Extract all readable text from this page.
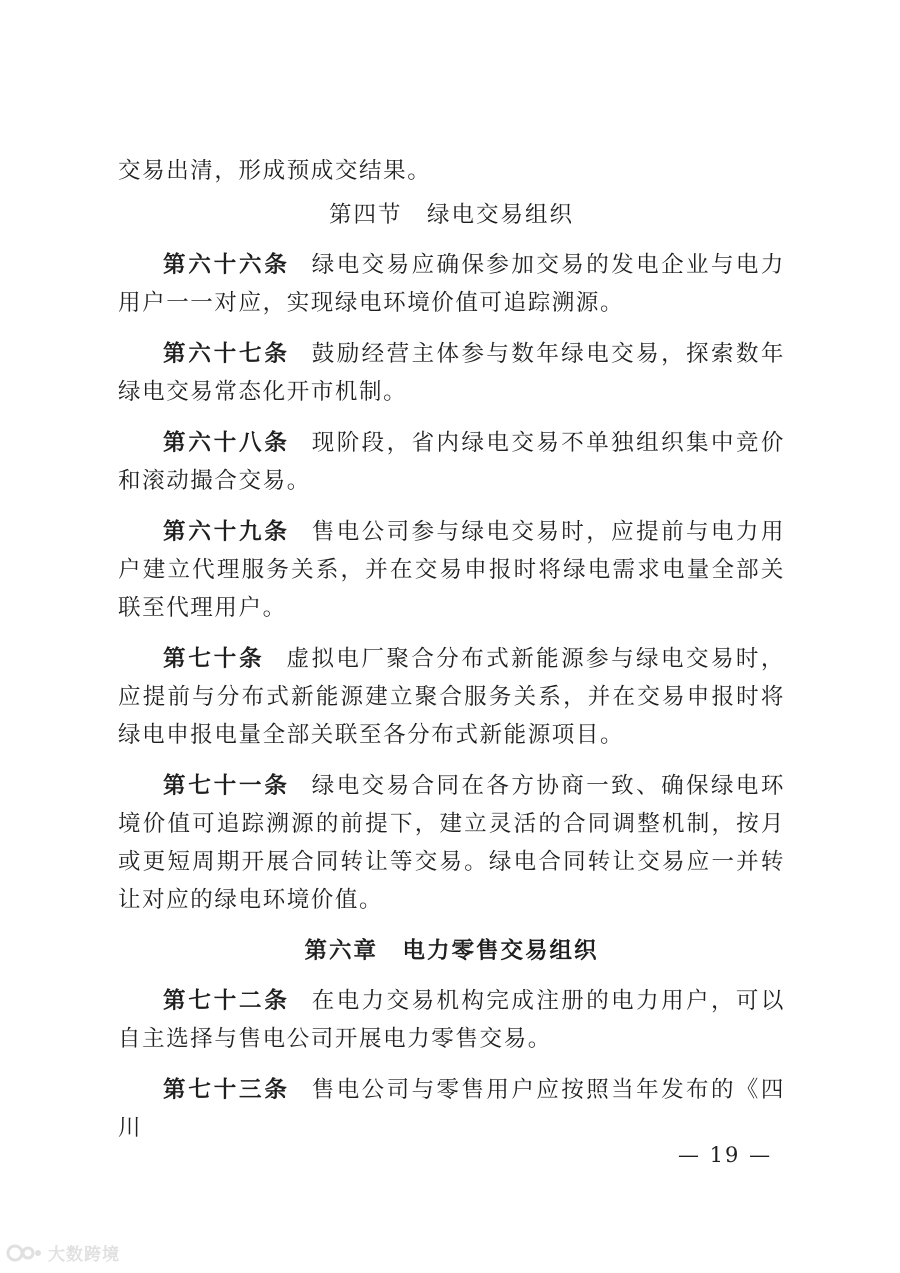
交易出清，形成预成交结果。

第四节　绿电交易组织

第六十六条 绿电交易应确保参加交易的发电企业与电力用户一一对应，实现绿电环境价值可追踪溯源。

第六十七条 鼓励经营主体参与数年绿电交易，探索数年绿电交易常态化开市机制。

第六十八条 现阶段，省内绿电交易不单独组织集中竞价和滚动撮合交易。

第六十九条 售电公司参与绿电交易时，应提前与电力用户建立代理服务关系，并在交易申报时将绿电需求电量全部关联至代理用户。

第七十条 虚拟电厂聚合分布式新能源参与绿电交易时，应提前与分布式新能源建立聚合服务关系，并在交易申报时将绿电申报电量全部关联至各分布式新能源项目。

第七十一条 绿电交易合同在各方协商一致、确保绿电环境价值可追踪溯源的前提下，建立灵活的合同调整机制，按月或更短周期开展合同转让等交易。绿电合同转让交易应一并转让对应的绿电环境价值。

第六章　电力零售交易组织

第七十二条 在电力交易机构完成注册的电力用户，可以自主选择与售电公司开展电力零售交易。

第七十三条 售电公司与零售用户应按照当年发布的《四川

— 19 —
大数跨境
